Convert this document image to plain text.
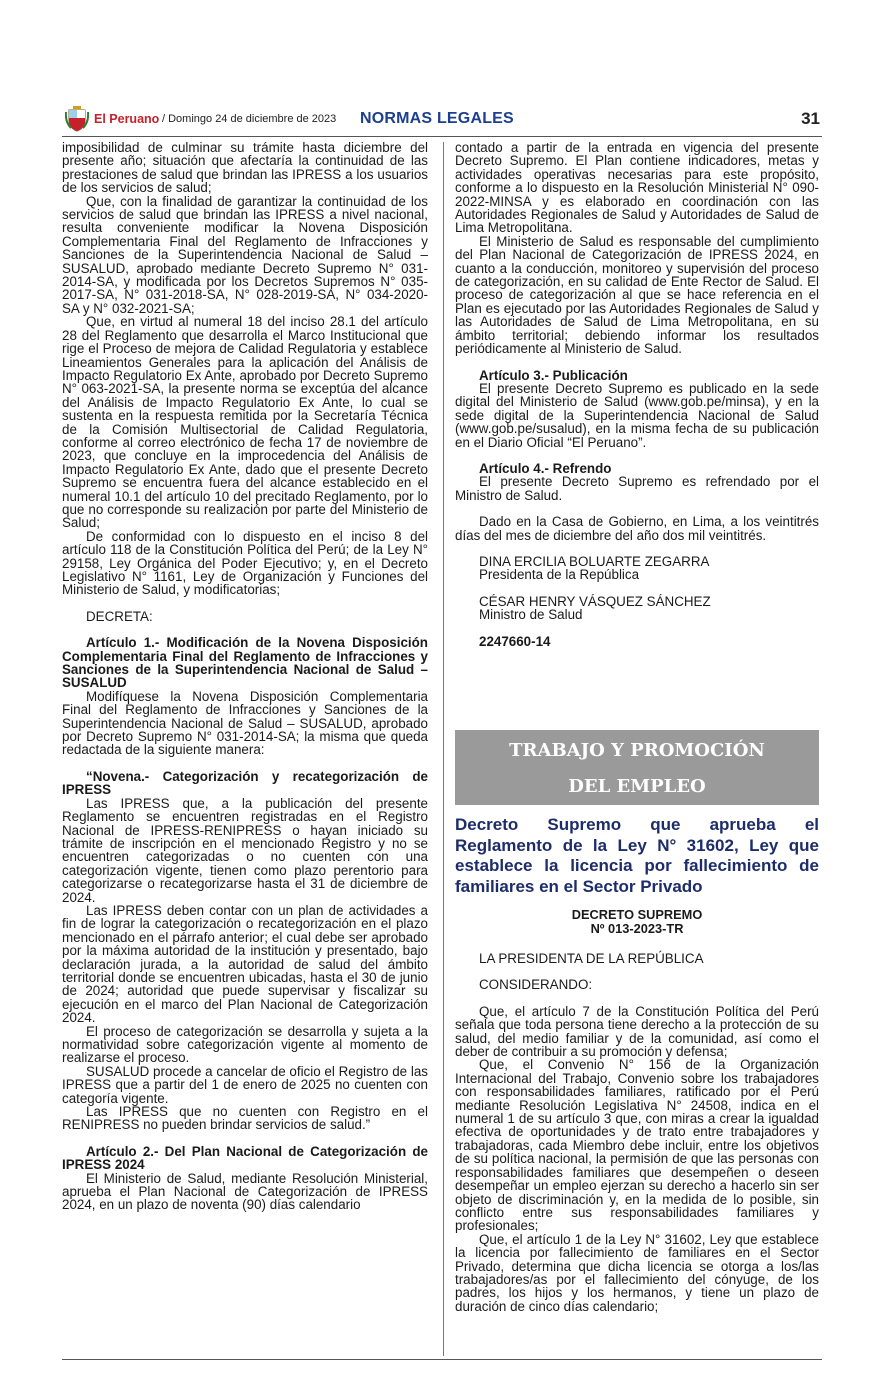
El Peruano / Domingo 24 de diciembre de 2023 NORMAS LEGALES	31

imposibilidad de culminar su trámite hasta diciembre del presente año; situación que afectaría la continuidad de las prestaciones de salud que brindan las IPRESS a los usuarios de los servicios de salud;

Que, con la finalidad de garantizar la continuidad de los servicios de salud que brindan las IPRESS a nivel nacional, resulta conveniente modificar la Novena Disposición Complementaria Final del Reglamento de Infracciones y Sanciones de la Superintendencia Nacional de Salud – SUSALUD, aprobado mediante Decreto Supremo N° 031-2014-SA, y modificada por los Decretos Supremos N° 035-2017-SA, N° 031-2018-SA, N° 028-2019-SA, N° 034-2020-SA y N° 032-2021-SA;

Que, en virtud al numeral 18 del inciso 28.1 del artículo 28 del Reglamento que desarrolla el Marco Institucional que rige el Proceso de mejora de Calidad Regulatoria y establece Lineamientos Generales para la aplicación del Análisis de Impacto Regulatorio Ex Ante, aprobado por Decreto Supremo N° 063-2021-SA, la presente norma se exceptúa del alcance del Análisis de Impacto Regulatorio Ex Ante, lo cual se sustenta en la respuesta remitida por la Secretaría Técnica de la Comisión Multisectorial de Calidad Regulatoria, conforme al correo electrónico de fecha 17 de noviembre de 2023, que concluye en la improcedencia del Análisis de Impacto Regulatorio Ex Ante, dado que el presente Decreto Supremo se encuentra fuera del alcance establecido en el numeral 10.1 del artículo 10 del precitado Reglamento, por lo que no corresponde su realización por parte del Ministerio de Salud;

De conformidad con lo dispuesto en el inciso 8 del artículo 118 de la Constitución Política del Perú; de la Ley N° 29158, Ley Orgánica del Poder Ejecutivo; y, en el Decreto Legislativo N° 1161, Ley de Organización y Funciones del Ministerio de Salud, y modificatorias;

DECRETA:

Artículo 1.- Modificación de la Novena Disposición Complementaria Final del Reglamento de Infracciones y Sanciones de la Superintendencia Nacional de Salud – SUSALUD

Modifíquese la Novena Disposición Complementaria Final del Reglamento de Infracciones y Sanciones de la Superintendencia Nacional de Salud – SUSALUD, aprobado por Decreto Supremo N° 031-2014-SA; la misma que queda redactada de la siguiente manera:

“Novena.- Categorización y recategorización de IPRESS

Las IPRESS que, a la publicación del presente Reglamento se encuentren registradas en el Registro Nacional de IPRESS-RENIPRESS o hayan iniciado su trámite de inscripción en el mencionado Registro y no se encuentren categorizadas o no cuenten con una categorización vigente, tienen como plazo perentorio para categorizarse o recategorizarse hasta el 31 de diciembre de 2024.

Las IPRESS deben contar con un plan de actividades a fin de lograr la categorización o recategorización en el plazo mencionado en el párrafo anterior; el cual debe ser aprobado por la máxima autoridad de la institución y presentado, bajo declaración jurada, a la autoridad de salud del ámbito territorial donde se encuentren ubicadas, hasta el 30 de junio de 2024; autoridad que puede supervisar y fiscalizar su ejecución en el marco del Plan Nacional de Categorización 2024.

El proceso de categorización se desarrolla y sujeta a la normatividad sobre categorización vigente al momento de realizarse el proceso.

SUSALUD procede a cancelar de oficio el Registro de las IPRESS que a partir del 1 de enero de 2025 no cuenten con categoría vigente.

Las IPRESS que no cuenten con Registro en el RENIPRESS no pueden brindar servicios de salud.”

Artículo 2.- Del Plan Nacional de Categorización de IPRESS 2024

El Ministerio de Salud, mediante Resolución Ministerial, aprueba el Plan Nacional de Categorización de IPRESS 2024, en un plazo de noventa (90) días calendario

contado a partir de la entrada en vigencia del presente Decreto Supremo. El Plan contiene indicadores, metas y actividades operativas necesarias para este propósito, conforme a lo dispuesto en la Resolución Ministerial N° 090-2022-MINSA y es elaborado en coordinación con las Autoridades Regionales de Salud y Autoridades de Salud de Lima Metropolitana.

El Ministerio de Salud es responsable del cumplimiento del Plan Nacional de Categorización de IPRESS 2024, en cuanto a la conducción, monitoreo y supervisión del proceso de categorización, en su calidad de Ente Rector de Salud. El proceso de categorización al que se hace referencia en el Plan es ejecutado por las Autoridades Regionales de Salud y las Autoridades de Salud de Lima Metropolitana, en su ámbito territorial; debiendo informar los resultados periódicamente al Ministerio de Salud.

Artículo 3.- Publicación

El presente Decreto Supremo es publicado en la sede digital del Ministerio de Salud (www.gob.pe/minsa), y en la sede digital de la Superintendencia Nacional de Salud (www.gob.pe/susalud), en la misma fecha de su publicación en el Diario Oficial “El Peruano”.

Artículo 4.- Refrendo

El presente Decreto Supremo es refrendado por el Ministro de Salud.

Dado en la Casa de Gobierno, en Lima, a los veintitrés días del mes de diciembre del año dos mil veintitrés.

DINA ERCILIA BOLUARTE ZEGARRA

Presidenta de la República

CÉSAR HENRY VÁSQUEZ SÁNCHEZ

Ministro de Salud

2247660-14

TRABAJO Y PROMOCIÓN
DEL EMPLEO
Decreto Supremo que aprueba el Reglamento de la Ley N° 31602, Ley que establece la licencia por fallecimiento de familiares en el Sector Privado
DECRETO SUPREMO
Nº 013-2023-TR

LA PRESIDENTA DE LA REPÚBLICA

CONSIDERANDO:

Que, el artículo 7 de la Constitución Política del Perú señala que toda persona tiene derecho a la protección de su salud, del medio familiar y de la comunidad, así como el deber de contribuir a su promoción y defensa;

Que, el Convenio N° 156 de la Organización Internacional del Trabajo, Convenio sobre los trabajadores con responsabilidades familiares, ratificado por el Perú mediante Resolución Legislativa N° 24508, indica en el numeral 1 de su artículo 3 que, con miras a crear la igualdad efectiva de oportunidades y de trato entre trabajadores y trabajadoras, cada Miembro debe incluir, entre los objetivos de su política nacional, la permisión de que las personas con responsabilidades familiares que desempeñen o deseen desempeñar un empleo ejerzan su derecho a hacerlo sin ser objeto de discriminación y, en la medida de lo posible, sin conflicto entre sus responsabilidades familiares y profesionales;

Que, el artículo 1 de la Ley N° 31602, Ley que establece la licencia por fallecimiento de familiares en el Sector Privado, determina que dicha licencia se otorga a los/las trabajadores/as por el fallecimiento del cónyuge, de los padres, los hijos y los hermanos, y tiene un plazo de duración de cinco días calendario;
